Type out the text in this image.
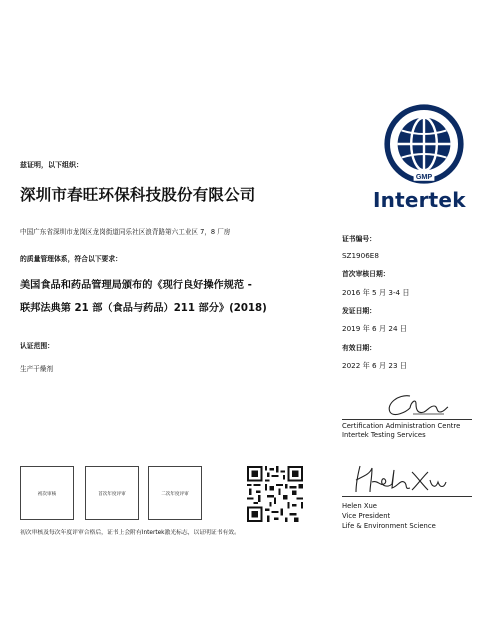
兹证明，以下组织：
深圳市春旺环保科技股份有限公司
中国广东省深圳市龙岗区龙岗街道同乐社区浪背路第六工业区 7，8 厂房
的质量管理体系，符合以下要求：
美国食品和药品管理局颁布的《现行良好操作规范 -
联邦法典第 21 部（食品与药品）211 部分》(2018)
认证范围：
生产干燥剂
初次审核	首次年度评审	二次年度评审
初次审核及每次年度评审合格后，证书上会附有Intertek激光标志，以证明证书有效。
GMP
Intertek
证书编号：
SZ1906E8
首次审核日期：
2016 年 5 月 3-4 日
发证日期：
2019 年 6 月 24 日
有效日期：
2022 年 6 月 23 日
Certification Administration Centre
Intertek Testing Services
Helen Xue
Vice President
Life & Environment Science
